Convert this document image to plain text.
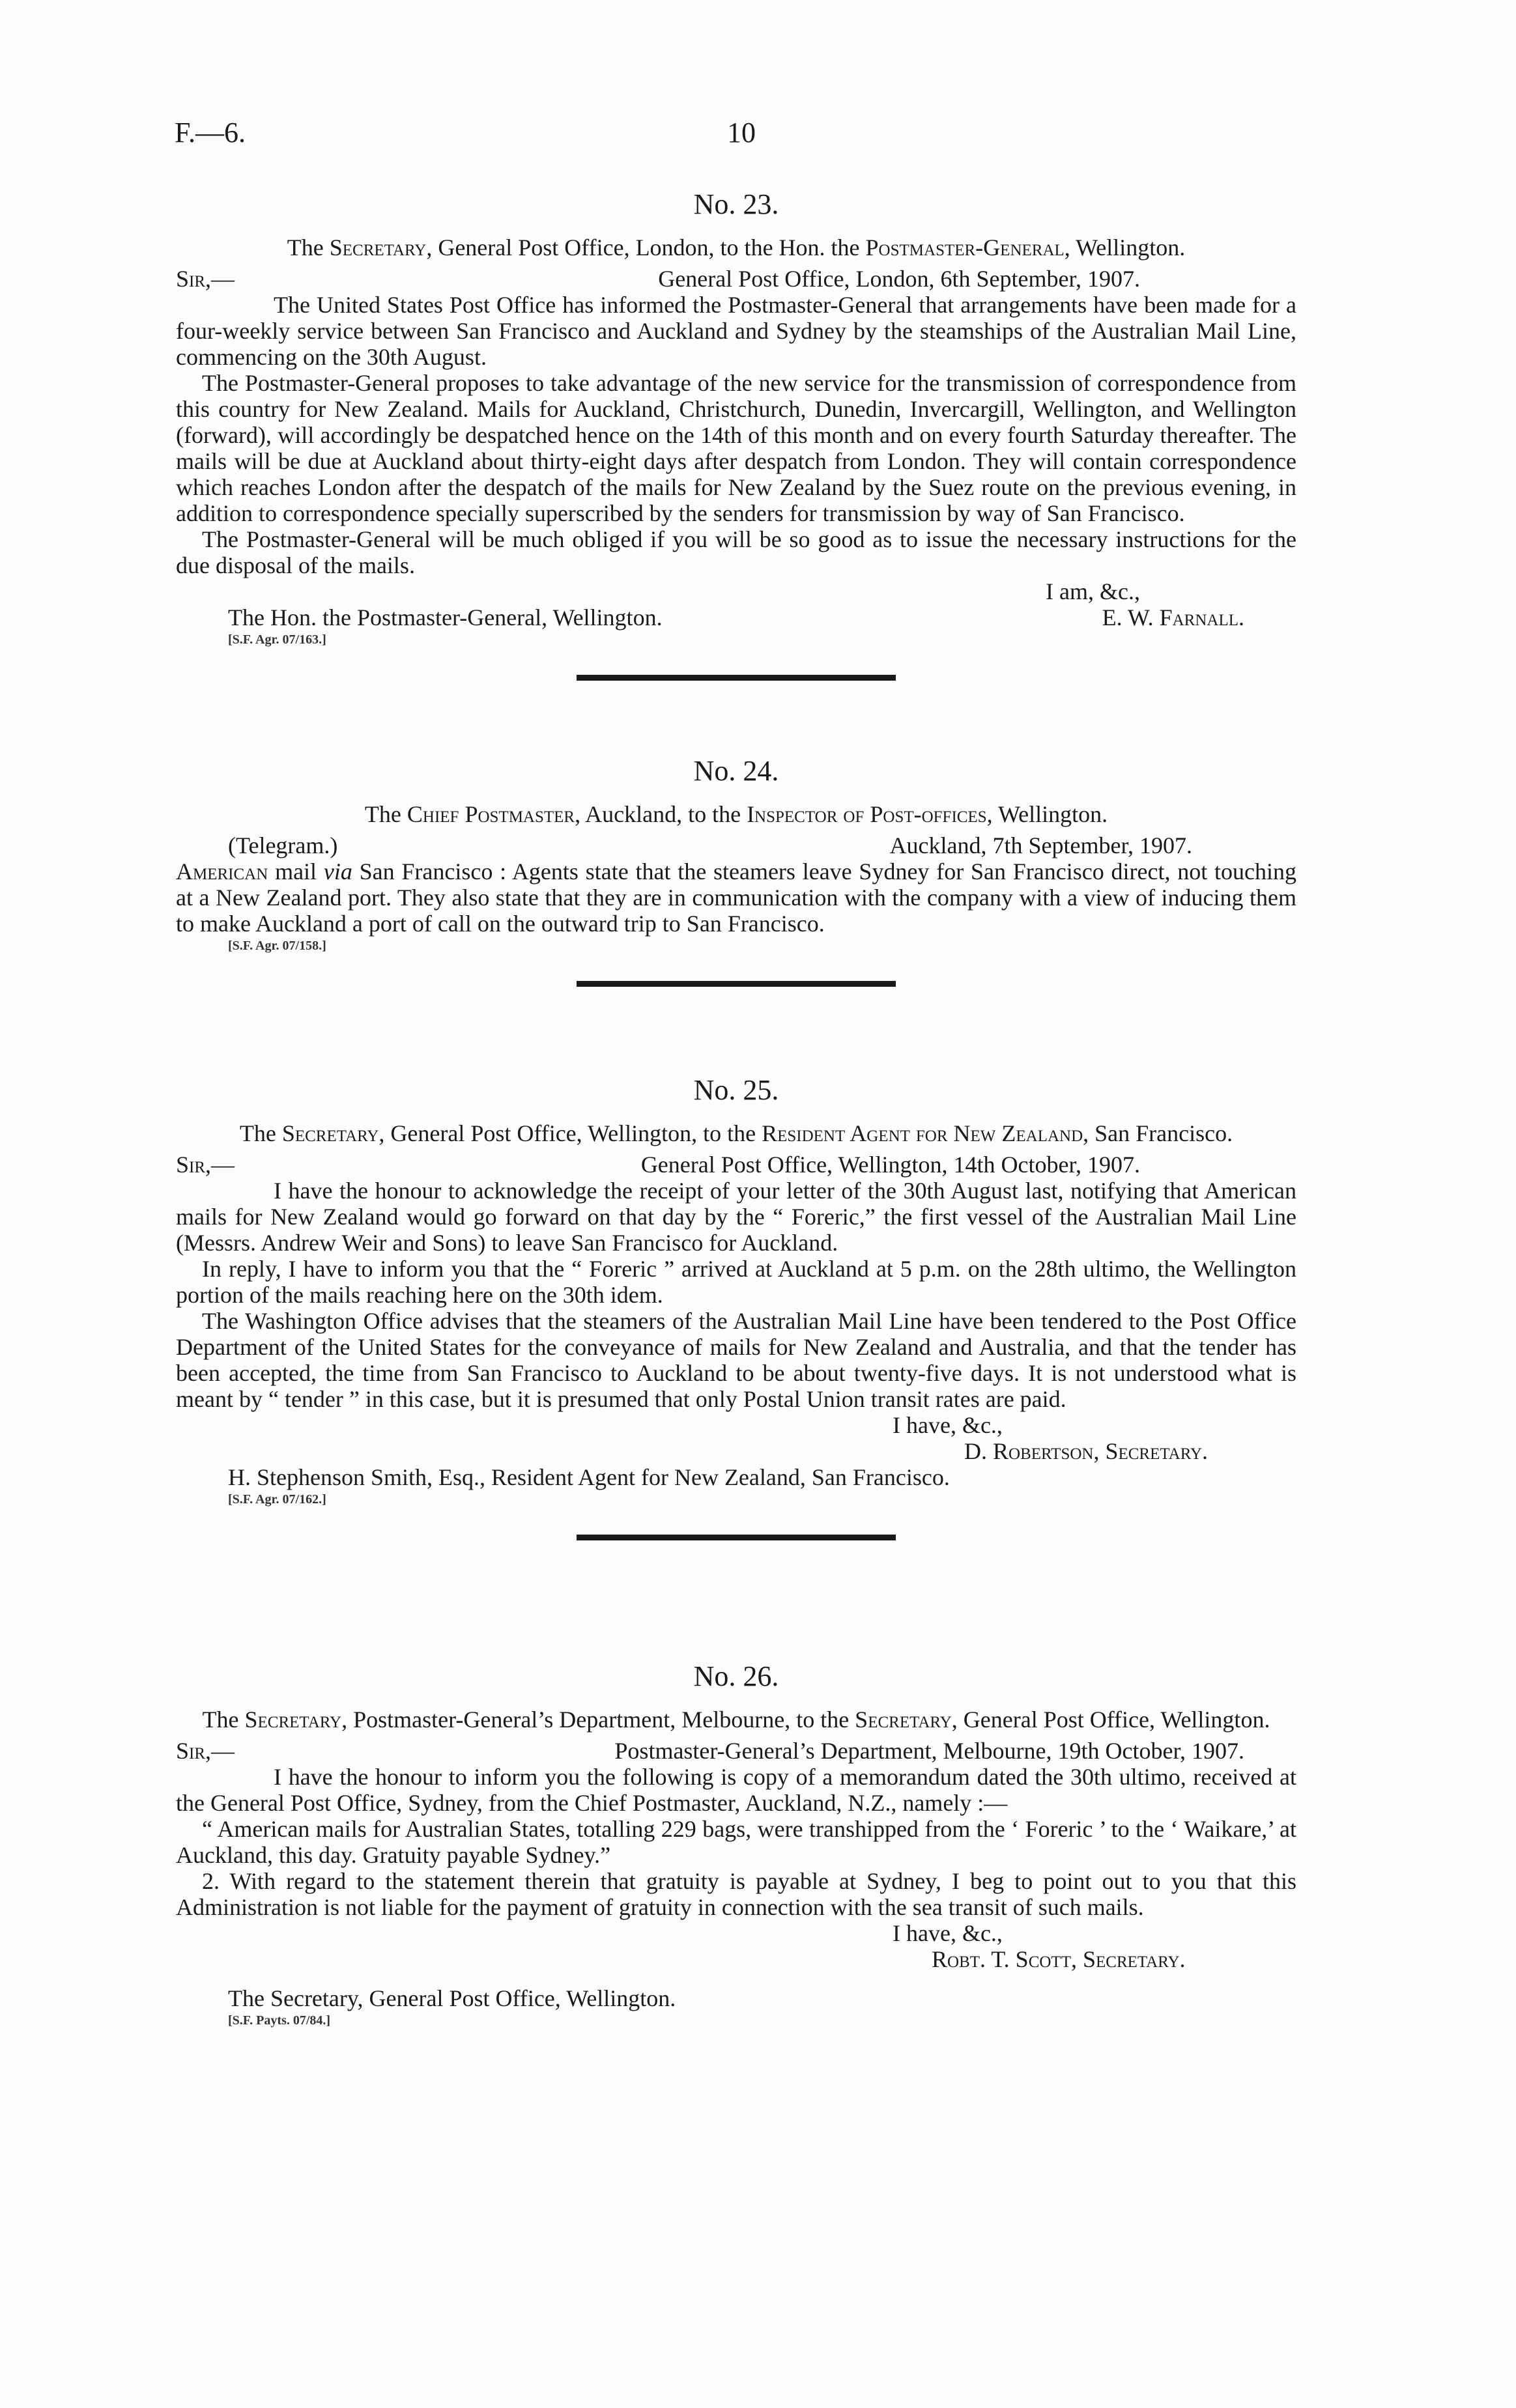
F.—6.	10
No. 23.
The Secretary, General Post Office, London, to the Hon. the Postmaster-General, Wellington.
Sir,—	General Post Office, London, 6th September, 1907.

The United States Post Office has informed the Postmaster-General that arrangements have been made for a four-weekly service between San Francisco and Auckland and Sydney by the steamships of the Australian Mail Line, commencing on the 30th August.

The Postmaster-General proposes to take advantage of the new service for the transmission of correspondence from this country for New Zealand. Mails for Auckland, Christchurch, Dunedin, Invercargill, Wellington, and Wellington (forward), will accordingly be despatched hence on the 14th of this month and on every fourth Saturday thereafter. The mails will be due at Auckland about thirty-eight days after despatch from London. They will contain correspondence which reaches London after the despatch of the mails for New Zealand by the Suez route on the previous evening, in addition to correspondence specially superscribed by the senders for transmission by way of San Francisco.

The Postmaster-General will be much obliged if you will be so good as to issue the necessary instructions for the due disposal of the mails.

I am, &c.,
The Hon. the Postmaster-General, Wellington.	E. W. Farnall.
[S.F. Agr. 07/163.]
No. 24.
The Chief Postmaster, Auckland, to the Inspector of Post-offices, Wellington.
(Telegram.)	Auckland, 7th September, 1907.

American mail via San Francisco : Agents state that the steamers leave Sydney for San Francisco direct, not touching at a New Zealand port. They also state that they are in communication with the company with a view of inducing them to make Auckland a port of call on the outward trip to San Francisco.

[S.F. Agr. 07/158.]
No. 25.
The Secretary, General Post Office, Wellington, to the Resident Agent for New Zealand, San Francisco.
Sir,—	General Post Office, Wellington, 14th October, 1907.

I have the honour to acknowledge the receipt of your letter of the 30th August last, notifying that American mails for New Zealand would go forward on that day by the “ Foreric,” the first vessel of the Australian Mail Line (Messrs. Andrew Weir and Sons) to leave San Francisco for Auckland.

In reply, I have to inform you that the “ Foreric ” arrived at Auckland at 5 p.m. on the 28th ultimo, the Wellington portion of the mails reaching here on the 30th idem.

The Washington Office advises that the steamers of the Australian Mail Line have been tendered to the Post Office Department of the United States for the conveyance of mails for New Zealand and Australia, and that the tender has been accepted, the time from San Francisco to Auckland to be about twenty-five days. It is not understood what is meant by “ tender ” in this case, but it is presumed that only Postal Union transit rates are paid.

I have, &c.,
D. Robertson, Secretary.
H. Stephenson Smith, Esq., Resident Agent for New Zealand, San Francisco.
[S.F. Agr. 07/162.]
No. 26.
The Secretary, Postmaster-General’s Department, Melbourne, to the Secretary, General Post Office, Wellington.
Sir,—	Postmaster-General’s Department, Melbourne, 19th October, 1907.

I have the honour to inform you the following is copy of a memorandum dated the 30th ultimo, received at the General Post Office, Sydney, from the Chief Postmaster, Auckland, N.Z., namely :—

“ American mails for Australian States, totalling 229 bags, were transhipped from the ‘ Foreric ’ to the ‘ Waikare,’ at Auckland, this day. Gratuity payable Sydney.”

2. With regard to the statement therein that gratuity is payable at Sydney, I beg to point out to you that this Administration is not liable for the payment of gratuity in connection with the sea transit of such mails.

I have, &c.,
Robt. T. Scott, Secretary.
The Secretary, General Post Office, Wellington.
[S.F. Payts. 07/84.]
